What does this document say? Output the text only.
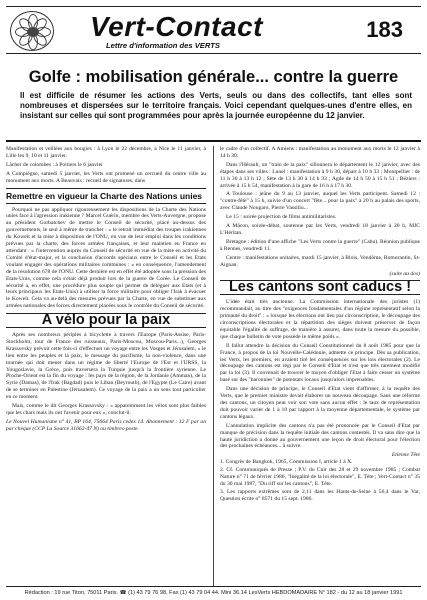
Vert-Contact
Lettre d'information des VERTS
183
Golfe : mobilisation générale... contre la guerre
Il est difficile de résumer les actions des Verts, seuls ou dans des collectifs, tant elles sont nombreuses et dispersées sur le territoire français. Voici cependant quelques-unes d'entre elles, en insistant sur celles qui sont programmées pour après la journée européenne du 12 janvier.
Manifestation et veillées aux bougies : à Lyon le 22 décembre, à Nice le 11 janvier, à Lille les 9, 10 et 11 janvier.
Lâcher de colombes : à Poitiers le 6 janvier
A Compiègne, samedi 5 janvier, les Verts ont promené un cercueil du centre ville au monument aux morts. A Beauvais : recueil de signatures, dans
Remettre en vigueur la Charte des Nations unies
Pourquoi ne pas appliquer rigoureusement les dispositions de la Charte des Nations unies face à l'agression irakienne ? Marcel Guérin, membre des Verts-Auvergne, propose au président Gorbatchev de mettre le Conseil de sécurité, placé au-dessus des gouvernements, le seul à même de trancher : « le retrait immédiat des troupes irakiennes du Koweït et la mise à disposition de l'ONU, en vue de leur emploi dans les conditions prévues par la charte, des forces armées françaises, et leur maintien en France en attendant : « l'intervention auprès du Conseil de sécurité en vue de la mise en activité du Comité d'état-major, et la conclusion d'accords spéciaux entre le Conseil et les Etats voulant engager des opérations militaires communes : « en conséquence, l'amendement de la résolution 678 de l'ONU. Cette dernière est en effet été adoptée sous la pression des Etats-Unis, comme cela s'était déjà produit lors de la guerre de Corée. Le Conseil de sécurité a, en effet, une procédure plus souple qui permet de déléguer aux Etats (et à leurs principaux les Etats-Unis) à utiliser la force militaire pour obliger l'Irak à évacuer le Koweït. Cela va au-delà des mesures prévues par la Charte, en vue de substituer aux armées nationales des forces directement placées sous le contrôle du Conseil de sécurité.
A vélo pour la paix
Après ses nombreux périples à bicyclette à travers l'Europe (Paris-Assise, Paris-Stockholm, tour de France des ruisseaux, Paris-Moscou, Moscou-Paris...), Georges Krassovsky prévoit cette fois-ci d'effectuer un voyage entre les Vosges et Jérusalem, « le lien entre les peuples et la paix, le message du pacifisme, la non-violence, dans une tournée qui doit mener dans un régime de liberté l'Europe de l'Est et l'URSS, la Yougoslavie, la Grèce, puis traversera la Turquie jusqu'à la frontière syrienne. Le Proche-Orient est la fin du voyage : les pays de la région, de la Jordanie (Amman), de la Syrie (Damas), de l'Irak (Bagdad) puis le Liban (Beyrouth), de l'Egypte (Le Caire) avant de se terminer en Palestine (Jérusalem). Ce voyage de la paix a un sens tout particulier en ce moment.
Mais, comme le dit Georges Krassovsky : « apparemment les vélos sont plus faibles que les chars mais ils ont l'avenir pour eux », conclut-il.
Le Nouvel Humanisme n° 41, BP 164, 75664 Paris cedex 14. Abonnement : 12 F par an par chèque (CCP La Source 31662-47 N) ou timbres-poste.
le cadre d'un collectif. A Amiens : manifestation au monument aux morts le 12 janvier à 14 h 30.
Dans l'Hérault, un "train de la paix" sillonnera le département le 12 janvier, avec des étapes dans ses villes : Lunel : manifestation à 9 h 30, départ à 10 h 33 ; Montpellier : de 11 h 30 à 13 h 12 ; Sète de 13 h 30 à 14 h 33 ; Agde de 14 h 50 à 15 h 51 ; Béziers : arrivée à 15 h 54, manifestation à la gare de 16 h à 17 h 30.
A Toulouse : jeûne du 9 au 13 janvier, auquel les Verts participent. Samedi 12 : "contre-fête" à 15 h, suivie d'un concert "fête... pour la paix" à 20 h au palais des sports, avec Claude Nougaro, Pierre Vassiliu...
Le 15 : soirée projection de films antimilitaristes.
A Mâcon, soirée-débat, soutenue par les Verts, vendredi 18 janvier à 20 h, MJC L'Héritan.
Bretagne : édition d'une affiche "Les Verts contre la guerre" (Cabu). Réunion publique à Rennes, vendredi 11.
Centre : manifestations unitaires, mardi 15 janvier, à Blois, Vendôme, Romorantin, St-Aignan.
(suite au dos)
Les cantons sont caducs !
L'idée était très ancienne. La Commission internationale des juristes (1) recommandait, au titre des "exigences fondamentales d'un régime représentatif selon la primauté du droit" : « lorsque les élections ont lieu par circonscription, le découpage des circonscriptions électorales et la répartition des sièges doivent préserver de façon équitable l'égalité de suffrage, de manière à assurer, dans toute la mesure du possible, que chaque bulletin de vote possède le même poids ».
Il fallut attendre la décision du Conseil Constitutionnel du 8 août 1985 pour que la France, à propos de la loi Nouvelle-Calédonie, admette ce principe. Dès sa publication, les Verts, les premiers, en avaient tiré les conséquences sur les lois électorales (2). Le découpage des cantons est régi par le Conseil d'Etat et n'est que très rarement modifié par la loi (3). Il convenait de trouver le moyen d'obliger l'Etat à faire cesser un système basé sur des "baronnies" de potentats locaux jusqu'alors imprenables.
Dans une décision de principe, le Conseil d'Etat vient d'affirmer, à la requête des Verts, que le premier ministre devait élaborer un nouveau découpage. Sans une réforme des cantons, un citoyen peut voir son vote sans aucun effet : le taux de représentation doit pouvoir varier de 1 à 10 par rapport à la moyenne départementale, le système par cantons légaux.
L'annulation implicite des cantons n'a pas été prononcée par le Conseil d'Etat par manque de précision dans la requête initiale des cantons contestés. Il va sans dire que la haute juridiction a donné au gouvernement une leçon de droit électoral pour l'élection des prochaines échéances... à suivre.
Etienne Tête
1. Congrès de Bangkok, 1965, Commission I, article 1 à X.
2. Cf. Communiqués de Presse ; P.V. du Cnir des 28 et 29 novembre 1985 ; Combat Nature n° 71 de février 1986, "Inégalité de la loi électorale", E. Tête ; Vert-Contact n° 35 du 30 mai 1987, "Du riff sur les cantons", E. Tête.
3. Les rapports extrêmes sont de 2,11 dans les Hauts-de-Seine à 56,4 dans le Var, Question écrite n° 8571 du 15 sept. 1986.
Rédaction : 19 rue Titon, 75011 Paris. ☎ (1) 43 79 76 98, Fax (1) 43 79 04 44. Mini 36.14 LesVerts HEBDOMADAIRE N° 182 - du 12 au 18 janvier 1991
